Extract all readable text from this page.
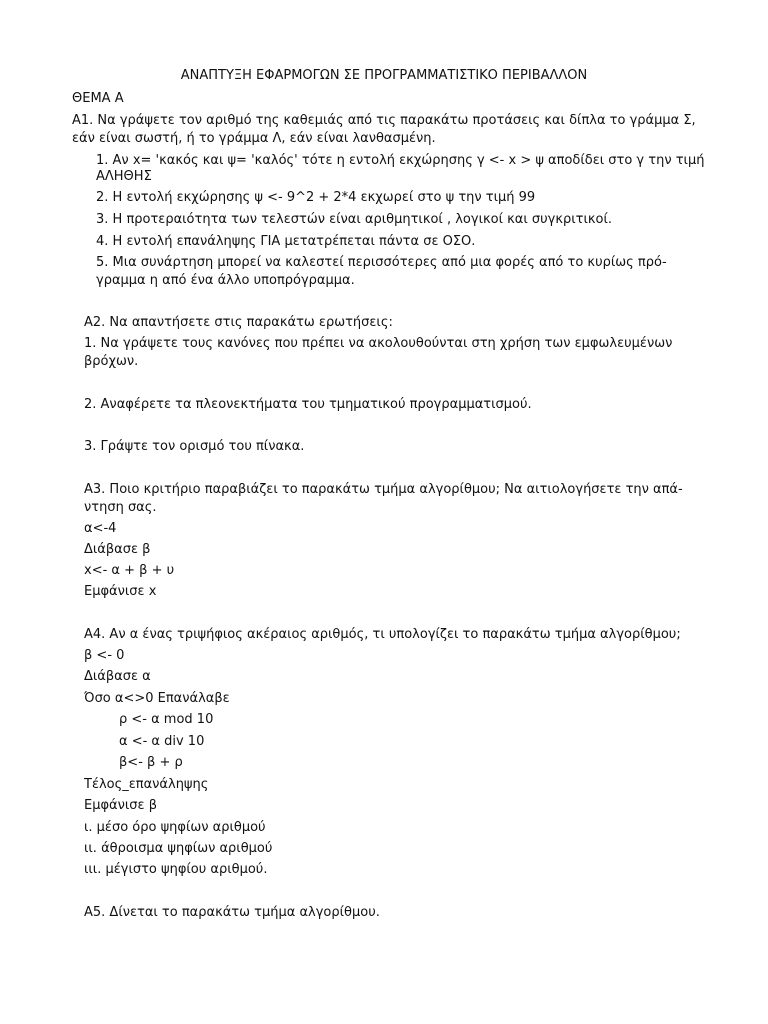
ΑΝΑΠΤΥΞΗ ΕΦΑΡΜΟΓΩΝ ΣΕ ΠΡΟΓΡΑΜΜΑΤΙΣΤΙΚΟ ΠΕΡΙΒΑΛΛΟΝ
ΘΕΜΑ Α
Α1. Να γράψετε τον αριθμό της καθεμιάς από τις παρακάτω προτάσεις και δίπλα το γράμμα Σ,
εάν είναι σωστή, ή το γράμμα Λ, εάν είναι λανθασμένη.
1. Αν x= 'κακός και ψ= 'καλός' τότε η εντολή εκχώρησης γ <- x > ψ αποδίδει στο γ την τιμή
ΑΛΗΘΗΣ
2. Η εντολή εκχώρησης ψ <- 9^2 + 2*4 εκχωρεί στο ψ την τιμή 99
3. Η προτεραιότητα των τελεστών είναι αριθμητικοί , λογικοί και συγκριτικοί.
4. Η εντολή επανάληψης ΓΙΑ μετατρέπεται πάντα σε ΟΣΟ.
5. Μια συνάρτηση μπορεί να καλεστεί περισσότερες από μια φορές από το κυρίως πρό-
γραμμα η από ένα άλλο υποπρόγραμμα.
Α2. Να απαντήσετε στις παρακάτω ερωτήσεις:
1. Να γράψετε τους κανόνες που πρέπει να ακολουθούνται στη χρήση των εμφωλευμένων
βρόχων.
2. Αναφέρετε τα πλεονεκτήματα του τμηματικού προγραμματισμού.
3. Γράψτε τον ορισμό του πίνακα.
Α3. Ποιο κριτήριο παραβιάζει το παρακάτω τμήμα αλγορίθμου; Να αιτιολογήσετε την απά-
ντηση σας.
α<-4
Διάβασε β
x<- α + β + υ
Εμφάνισε x
Α4. Αν α ένας τριψήφιος ακέραιος αριθμός, τι υπολογίζει το παρακάτω τμήμα αλγορίθμου;
β <- 0
Διάβασε α
Όσο α<>0 Επανάλαβε
ρ <- α mod 10
α <- α div 10
β<- β + ρ
Τέλος_επανάληψης
Εμφάνισε β
ι. μέσο όρο ψηφίων αριθμού
ιι. άθροισμα ψηφίων αριθμού
ιιι. μέγιστο ψηφίου αριθμού.
Α5. Δίνεται το παρακάτω τμήμα αλγορίθμου.
